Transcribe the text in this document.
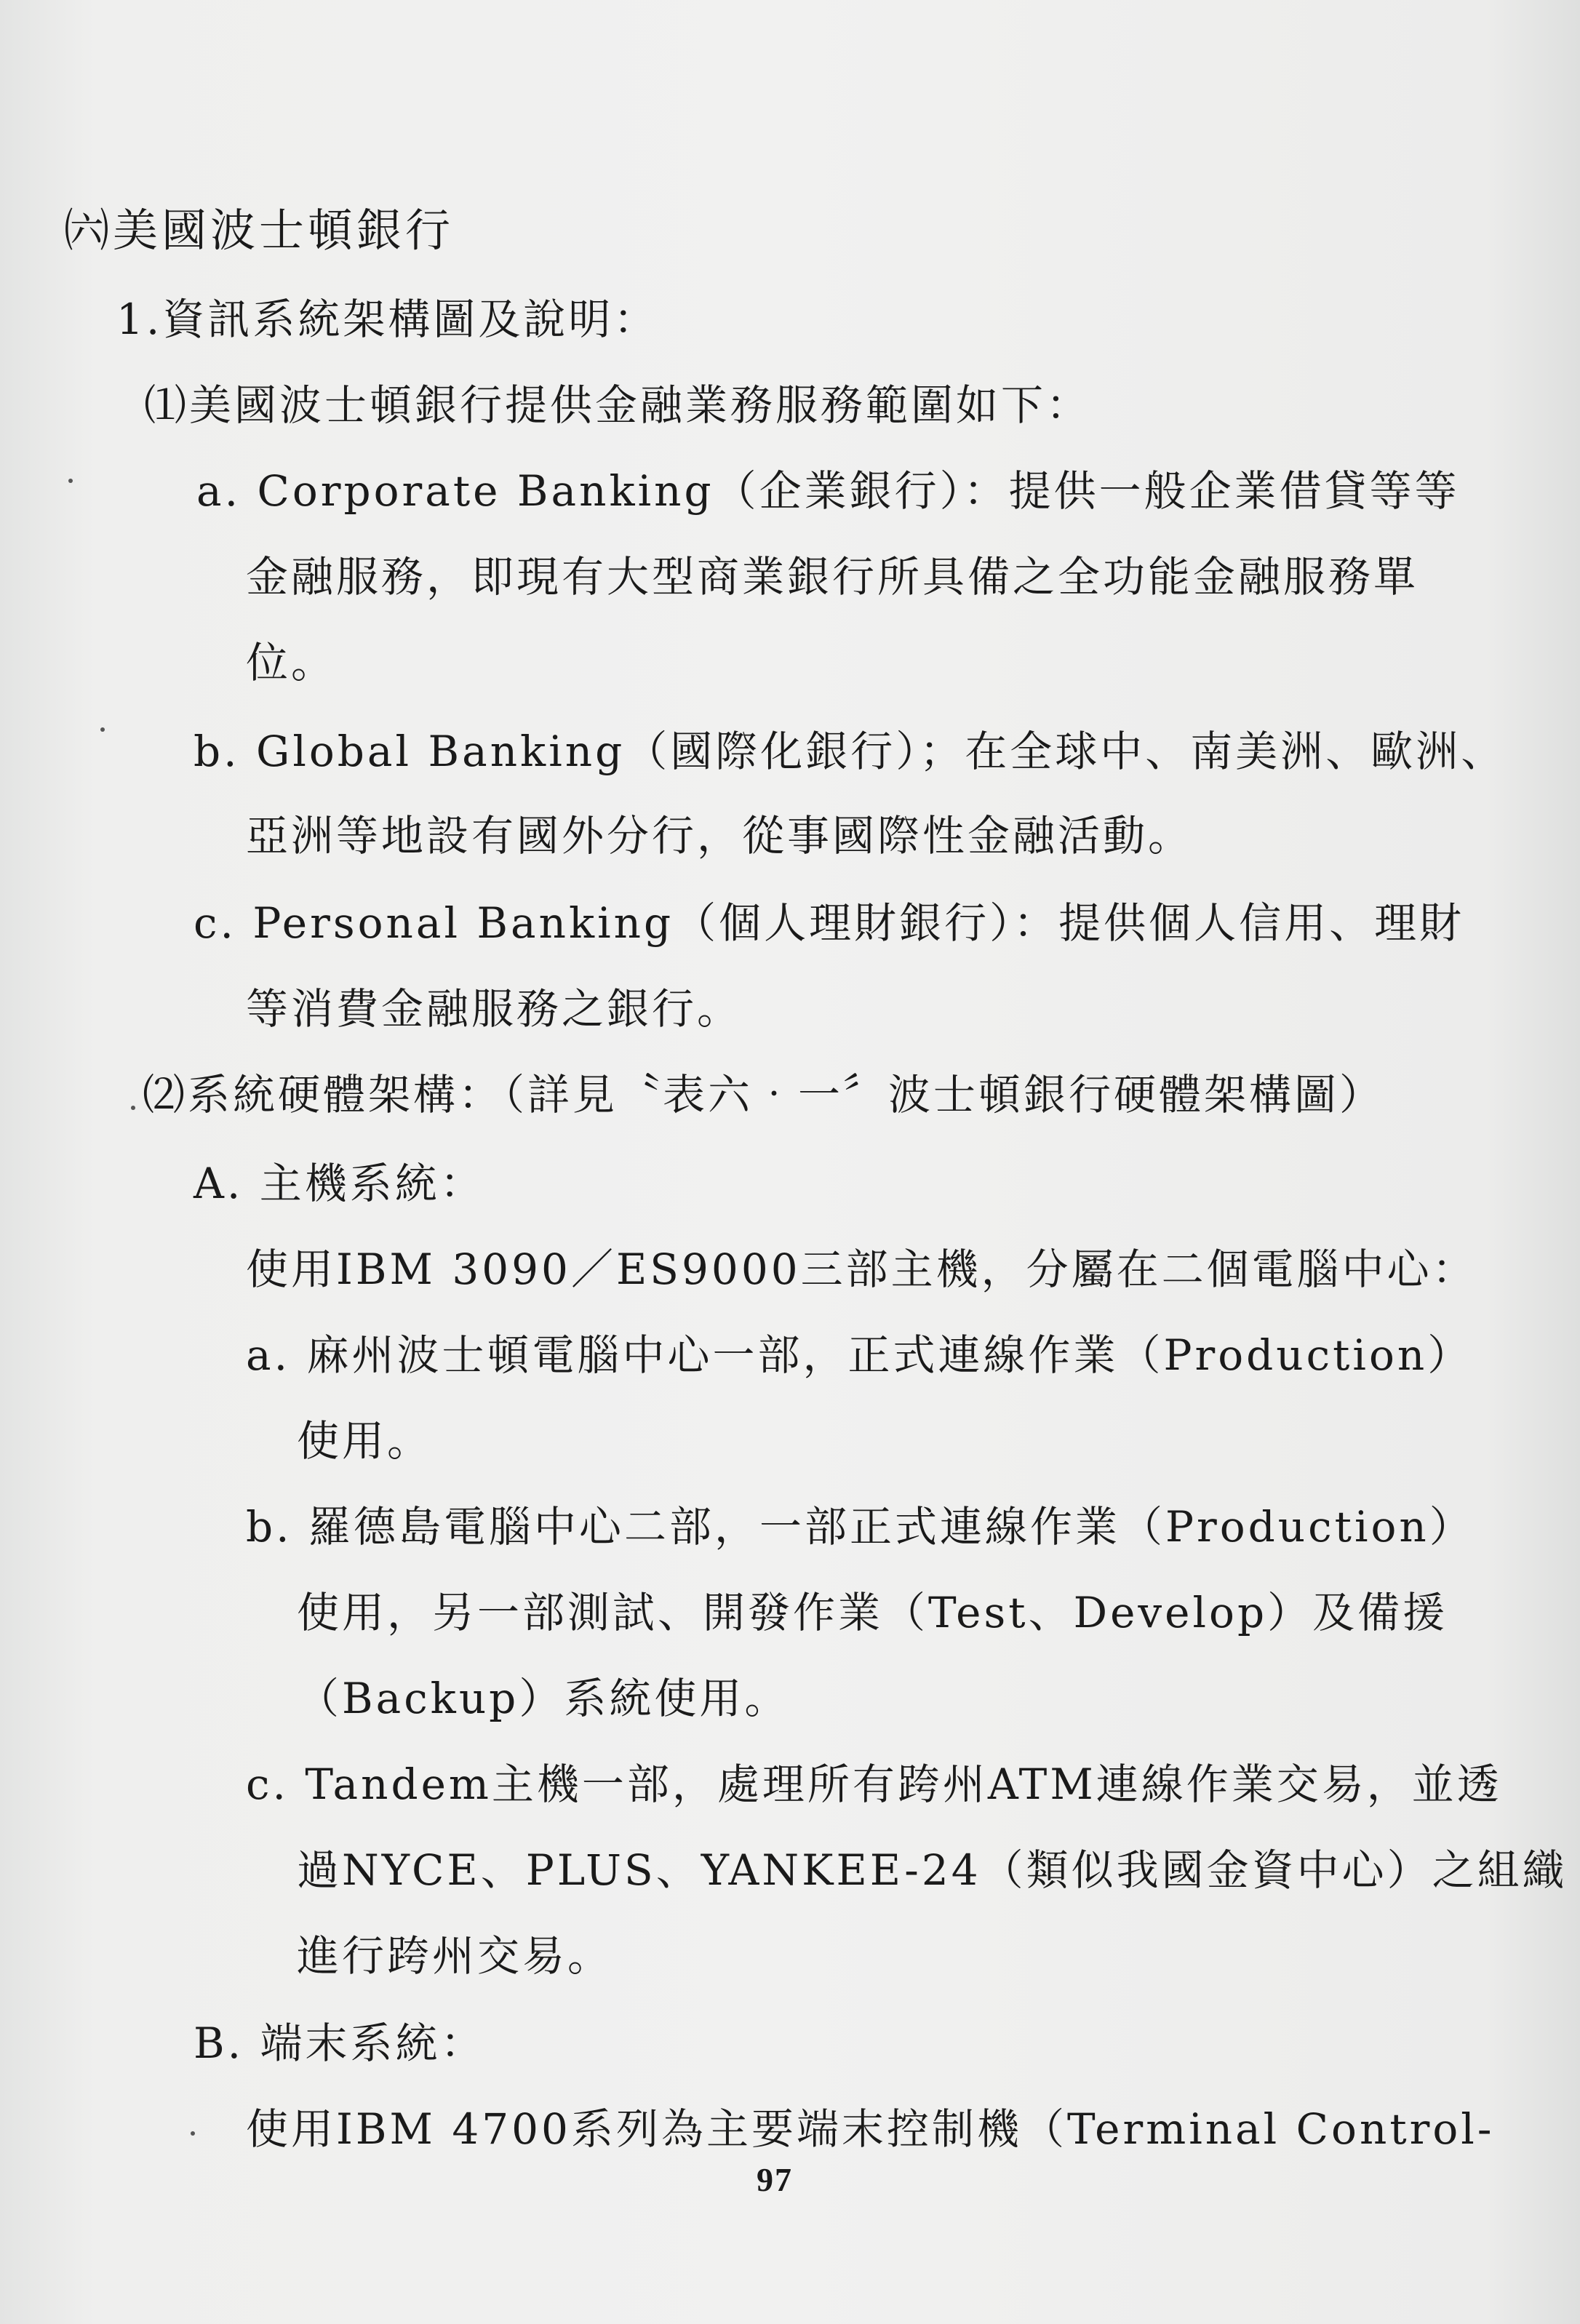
㈥美國波士頓銀行
1.資訊系統架構圖及說明：
⑴美國波士頓銀行提供金融業務服務範圍如下：
a. Corporate Banking（企業銀行）：提供一般企業借貸等等
金融服務，即現有大型商業銀行所具備之全功能金融服務單
位。
b. Global Banking（國際化銀行）；在全球中、南美洲、歐洲、
亞洲等地設有國外分行，從事國際性金融活動。
c. Personal Banking（個人理財銀行）：提供個人信用、理財
等消費金融服務之銀行。
⑵系統硬體架構：（詳見〝表六‧一〞波士頓銀行硬體架構圖）
A. 主機系統：
使用IBM 3090／ES9000三部主機，分屬在二個電腦中心：
a. 麻州波士頓電腦中心一部，正式連線作業（Production）
使用。
b. 羅德島電腦中心二部，一部正式連線作業（Production）
使用，另一部測試、開發作業（Test、Develop）及備援
（Backup）系統使用。
c. Tandem主機一部，處理所有跨州ATM連線作業交易，並透
過NYCE、PLUS、YANKEE-24（類似我國金資中心）之組織
進行跨州交易。
B. 端末系統：
使用IBM 4700系列為主要端末控制機（Terminal Control-
97
